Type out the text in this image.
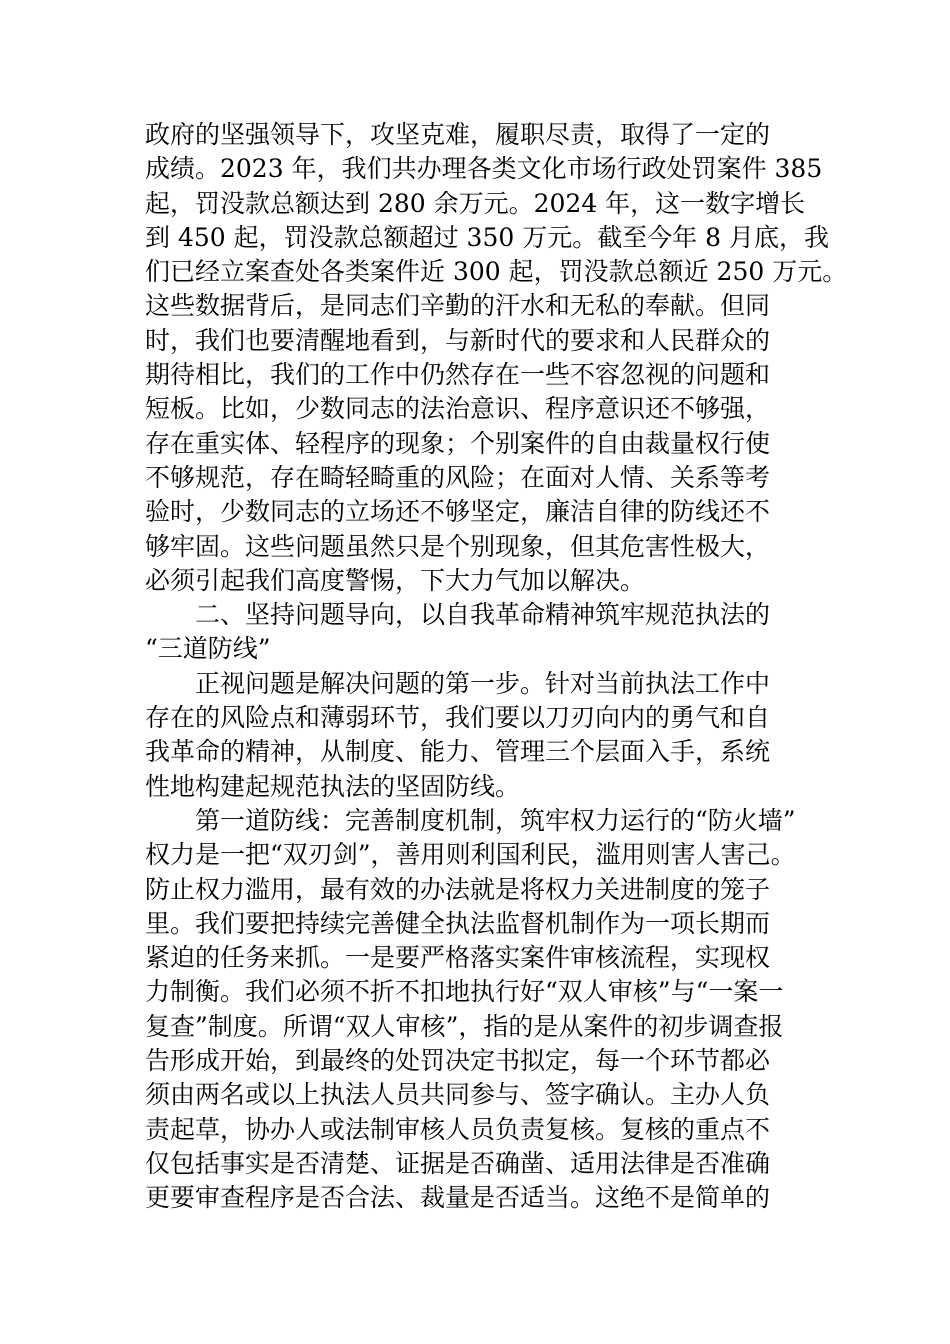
政府的坚强领导下，攻坚克难，履职尽责，取得了一定的
成绩。2023 年，我们共办理各类文化市场行政处罚案件 385
起，罚没款总额达到 280 余万元。2024 年，这一数字增长
到 450 起，罚没款总额超过 350 万元。截至今年 8 月底，我
们已经立案查处各类案件近 300 起，罚没款总额近 250 万元。
这些数据背后，是同志们辛勤的汗水和无私的奉献。但同
时，我们也要清醒地看到，与新时代的要求和人民群众的
期待相比，我们的工作中仍然存在一些不容忽视的问题和
短板。比如，少数同志的法治意识、程序意识还不够强，
存在重实体、轻程序的现象；个别案件的自由裁量权行使
不够规范，存在畸轻畸重的风险；在面对人情、关系等考
验时，少数同志的立场还不够坚定，廉洁自律的防线还不
够牢固。这些问题虽然只是个别现象，但其危害性极大，
必须引起我们高度警惕，下大力气加以解决。
二、坚持问题导向，以自我革命精神筑牢规范执法的
“三道防线”
正视问题是解决问题的第一步。针对当前执法工作中
存在的风险点和薄弱环节，我们要以刀刃向内的勇气和自
我革命的精神，从制度、能力、管理三个层面入手，系统
性地构建起规范执法的坚固防线。
第一道防线：完善制度机制，筑牢权力运行的“防火墙”
权力是一把“双刃剑”，善用则利国利民，滥用则害人害己。
防止权力滥用，最有效的办法就是将权力关进制度的笼子
里。我们要把持续完善健全执法监督机制作为一项长期而
紧迫的任务来抓。一是要严格落实案件审核流程，实现权
力制衡。我们必须不折不扣地执行好“双人审核”与“一案一
复查”制度。所谓“双人审核”，指的是从案件的初步调查报
告形成开始，到最终的处罚决定书拟定，每一个环节都必
须由两名或以上执法人员共同参与、签字确认。主办人负
责起草，协办人或法制审核人员负责复核。复核的重点不
仅包括事实是否清楚、证据是否确凿、适用法律是否准确
更要审查程序是否合法、裁量是否适当。这绝不是简单的
